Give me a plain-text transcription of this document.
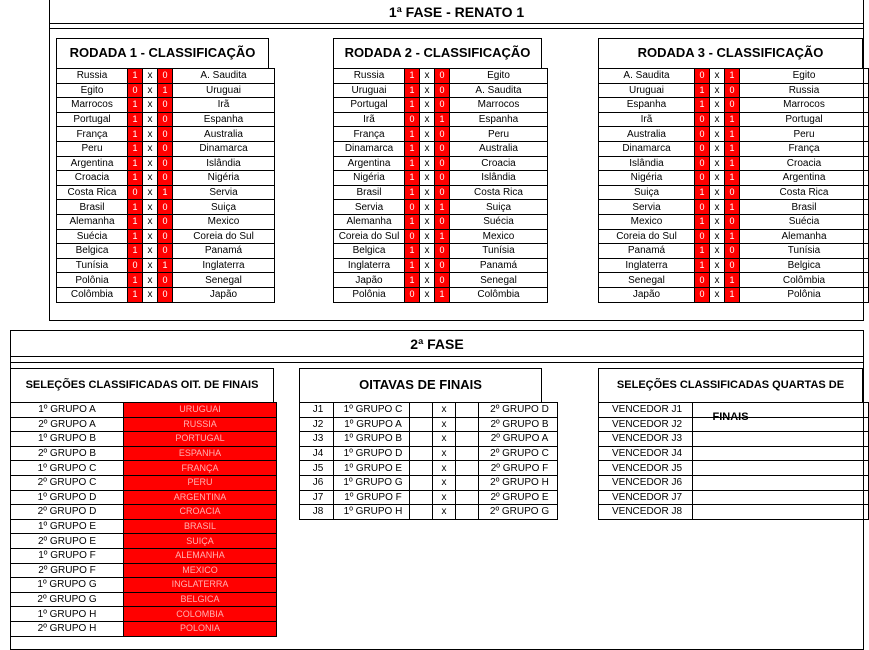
1ª FASE - RENATO 1
RODADA 1 - CLASSIFICAÇÃO
Russia	1	x	0	A. Saudita
Egito	0	x	1	Uruguai
Marrocos	1	x	0	Irã
Portugal	1	x	0	Espanha
França	1	x	0	Australia
Peru	1	x	0	Dinamarca
Argentina	1	x	0	Islândia
Croacia	1	x	0	Nigéria
Costa Rica	0	x	1	Servia
Brasil	1	x	0	Suiça
Alemanha	1	x	0	Mexico
Suécia	1	x	0	Coreia do Sul
Belgica	1	x	0	Panamá
Tunísia	0	x	1	Inglaterra
Polônia	1	x	0	Senegal
Colômbia	1	x	0	Japão
RODADA 2 - CLASSIFICAÇÃO
Russia	1	x	0	Egito
Uruguai	1	x	0	A. Saudita
Portugal	1	x	0	Marrocos
Irã	0	x	1	Espanha
França	1	x	0	Peru
Dinamarca	1	x	0	Australia
Argentina	1	x	0	Croacia
Nigéria	1	x	0	Islândia
Brasil	1	x	0	Costa Rica
Servia	0	x	1	Suiça
Alemanha	1	x	0	Suécia
Coreia do Sul	0	x	1	Mexico
Belgica	1	x	0	Tunísia
Inglaterra	1	x	0	Panamá
Japão	1	x	0	Senegal
Polônia	0	x	1	Colômbia
RODADA 3 - CLASSIFICAÇÃO
A. Saudita	0	x	1	Egito
Uruguai	1	x	0	Russia
Espanha	1	x	0	Marrocos
Irã	0	x	1	Portugal
Australia	0	x	1	Peru
Dinamarca	0	x	1	França
Islândia	0	x	1	Croacia
Nigéria	0	x	1	Argentina
Suiça	1	x	0	Costa Rica
Servia	0	x	1	Brasil
Mexico	1	x	0	Suécia
Coreia do Sul	0	x	1	Alemanha
Panamá	1	x	0	Tunísia
Inglaterra	1	x	0	Belgica
Senegal	0	x	1	Colômbia
Japão	0	x	1	Polônia
2ª FASE
SELEÇÕES CLASSIFICADAS OIT. DE FINAIS
1º GRUPO A	URUGUAI
2º GRUPO A	RUSSIA
1º GRUPO B	PORTUGAL
2º GRUPO B	ESPANHA
1º GRUPO C	FRANÇA
2º GRUPO C	PERU
1º GRUPO D	ARGENTINA
2º GRUPO D	CROACIA
1º GRUPO E	BRASIL
2º GRUPO E	SUIÇA
1º GRUPO F	ALEMANHA
2º GRUPO F	MEXICO
1º GRUPO G	INGLATERRA
2º GRUPO G	BELGICA
1º GRUPO H	COLOMBIA
2º GRUPO H	POLONIA
OITAVAS DE FINAIS
J1	1º GRUPO C		x		2º GRUPO D
J2	1º GRUPO A		x		2º GRUPO B
J3	1º GRUPO B		x		2º GRUPO A
J4	1º GRUPO D		x		2º GRUPO C
J5	1º GRUPO E		x		2º GRUPO F
J6	1º GRUPO G		x		2º GRUPO H
J7	1º GRUPO F		x		2º GRUPO E
J8	1º GRUPO H		x		2º GRUPO G
SELEÇÕES CLASSIFICADAS QUARTAS DE FINAIS
VENCEDOR J1	
VENCEDOR J2	
VENCEDOR J3	
VENCEDOR J4	
VENCEDOR J5	
VENCEDOR J6	
VENCEDOR J7	
VENCEDOR J8	
